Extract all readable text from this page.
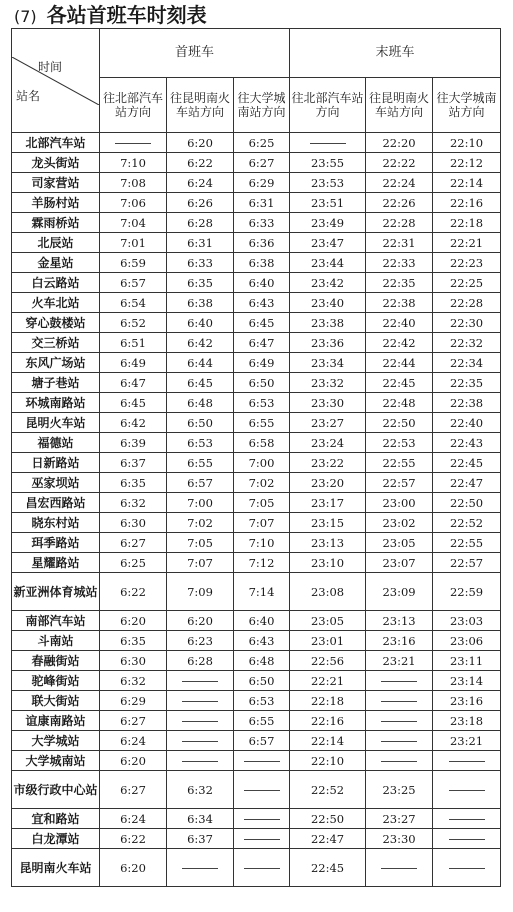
(7) 各站首班车时刻表
时间
站名	首班车			末班车		
	往北部汽车站方向	往昆明南火车站方向	往大学城南站方向	往北部汽车站方向	往昆明南火车站方向	往大学城南站方向
北部汽车站		6:20	6:25		22:20	22:10
龙头街站	7:10	6:22	6:27	23:55	22:22	22:12
司家营站	7:08	6:24	6:29	23:53	22:24	22:14
羊肠村站	7:06	6:26	6:31	23:51	22:26	22:16
霖雨桥站	7:04	6:28	6:33	23:49	22:28	22:18
北辰站	7:01	6:31	6:36	23:47	22:31	22:21
金星站	6:59	6:33	6:38	23:44	22:33	22:23
白云路站	6:57	6:35	6:40	23:42	22:35	22:25
火车北站	6:54	6:38	6:43	23:40	22:38	22:28
穿心鼓楼站	6:52	6:40	6:45	23:38	22:40	22:30
交三桥站	6:51	6:42	6:47	23:36	22:42	22:32
东风广场站	6:49	6:44	6:49	23:34	22:44	22:34
塘子巷站	6:47	6:45	6:50	23:32	22:45	22:35
环城南路站	6:45	6:48	6:53	23:30	22:48	22:38
昆明火车站	6:42	6:50	6:55	23:27	22:50	22:40
福德站	6:39	6:53	6:58	23:24	22:53	22:43
日新路站	6:37	6:55	7:00	23:22	22:55	22:45
巫家坝站	6:35	6:57	7:02	23:20	22:57	22:47
昌宏西路站	6:32	7:00	7:05	23:17	23:00	22:50
晓东村站	6:30	7:02	7:07	23:15	23:02	22:52
珥季路站	6:27	7:05	7:10	23:13	23:05	22:55
星耀路站	6:25	7:07	7:12	23:10	23:07	22:57
新亚洲体育城站	6:22	7:09	7:14	23:08	23:09	22:59
南部汽车站	6:20	6:20	6:40	23:05	23:13	23:03
斗南站	6:35	6:23	6:43	23:01	23:16	23:06
春融街站	6:30	6:28	6:48	22:56	23:21	23:11
驼峰街站	6:32		6:50	22:21		23:14
联大街站	6:29		6:53	22:18		23:16
谊康南路站	6:27		6:55	22:16		23:18
大学城站	6:24		6:57	22:14		23:21
大学城南站	6:20			22:10		
市级行政中心站	6:27	6:32		22:52	23:25	
宜和路站	6:24	6:34		22:50	23:27	
白龙潭站	6:22	6:37		22:47	23:30	
昆明南火车站	6:20			22:45		
